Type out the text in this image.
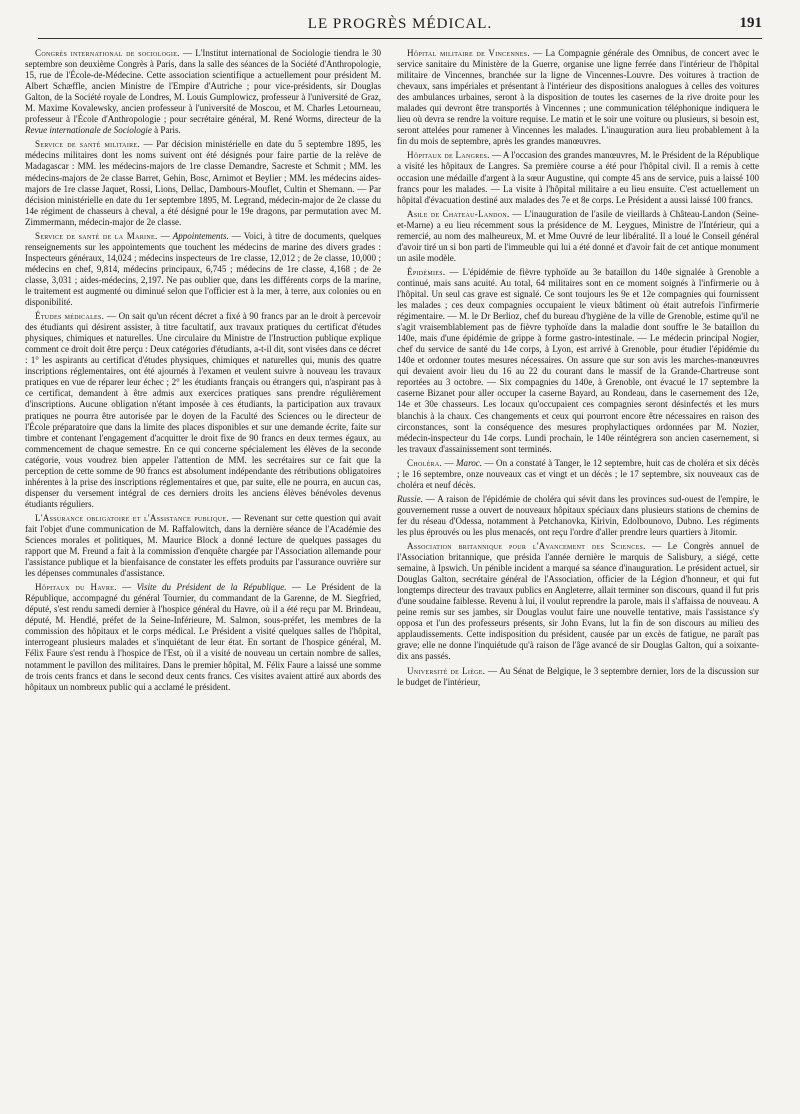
LE PROGRÈS MÉDICAL.	191

Congrès international de sociologie. — L'Institut international de Sociologie tiendra le 30 septembre son deuxième Congrès à Paris, dans la salle des séances de la Société d'Anthropologie, 15, rue de l'École-de-Médecine. Cette association scientifique a actuellement pour président M. Albert Schæffle, ancien Ministre de l'Empire d'Autriche ; pour vice-présidents, sir Douglas Galton, de la Société royale de Londres, M. Louis Gumplowicz, professeur à l'université de Graz, M. Maxime Kovalewsky, ancien professeur à l'université de Moscou, et M. Charles Letourneau, professeur à l'École d'Anthropologie ; pour secrétaire général, M. René Worms, directeur de la Revue internationale de Sociologie à Paris.

Service de santé militaire. — Par décision ministérielle en date du 5 septembre 1895, les médecins militaires dont les noms suivent ont été désignés pour faire partie de la relève de Madagascar : MM. les médecins-majors de 1re classe Demandre, Sacreste et Schmit ; MM. les médecins-majors de 2e classe Barret, Gehin, Bosc, Arnimot et Beylier ; MM. les médecins aides-majors de 1re classe Jaquet, Rossi, Lions, Dellac, Dambours-Mouflet, Cultin et Shemann. — Par décision ministérielle en date du 1er septembre 1895, M. Legrand, médecin-major de 2e classe du 14e régiment de chasseurs à cheval, a été désigné pour le 19e dragons, par permutation avec M. Zimmermann, médecin-major de 2e classe.

Service de santé de la Marine. — Appointements. — Voici, à titre de documents, quelques renseignements sur les appointements que touchent les médecins de marine des divers grades : Inspecteurs généraux, 14,024 ; médecins inspecteurs de 1re classe, 12,012 ; de 2e classe, 10,000 ; médecins en chef, 9,814, médecins principaux, 6,745 ; médecins de 1re classe, 4,168 ; de 2e classe, 3,031 ; aides-médecins, 2,197. Ne pas oublier que, dans les différents corps de la marine, le traitement est augmenté ou diminué selon que l'officier est à la mer, à terre, aux colonies ou en disponibilité.

Études médicales. — On sait qu'un récent décret a fixé à 90 francs par an le droit à percevoir des étudiants qui désirent assister, à titre facultatif, aux travaux pratiques du certificat d'études physiques, chimiques et naturelles. Une circulaire du Ministre de l'Instruction publique explique comment ce droit doit être perçu : Deux catégories d'étudiants, a-t-il dit, sont visées dans ce décret : 1° les aspirants au certificat d'études physiques, chimiques et naturelles qui, munis des quatre inscriptions réglementaires, ont été ajournés à l'examen et veulent suivre à nouveau les travaux pratiques en vue de réparer leur échec ; 2° les étudiants français ou étrangers qui, n'aspirant pas à ce certificat, demandent à être admis aux exercices pratiques sans prendre régulièrement d'inscriptions. Aucune obligation n'étant imposée à ces étudiants, la participation aux travaux pratiques ne pourra être autorisée par le doyen de la Faculté des Sciences ou le directeur de l'École préparatoire que dans la limite des places disponibles et sur une demande écrite, faite sur timbre et contenant l'engagement d'acquitter le droit fixe de 90 francs en deux termes égaux, au commencement de chaque semestre. En ce qui concerne spécialement les élèves de la seconde catégorie, vous voudrez bien appeler l'attention de MM. les secrétaires sur ce fait que la perception de cette somme de 90 francs est absolument indépendante des rétributions obligatoires inhérentes à la prise des inscriptions réglementaires et que, par suite, elle ne pourra, en aucun cas, dispenser du versement intégral de ces derniers droits les anciens élèves bénévoles devenus étudiants réguliers.

L'Assurance obligatoire et l'Assistance publique. — Revenant sur cette question qui avait fait l'objet d'une communication de M. Raffalowitch, dans la dernière séance de l'Académie des Sciences morales et politiques, M. Maurice Block a donné lecture de quelques passages du rapport que M. Freund a fait à la commission d'enquête chargée par l'Association allemande pour l'assistance publique et la bienfaisance de constater les effets produits par l'assurance ouvrière sur les dépenses communales d'assistance.

Hôpitaux du Havre. — Visite du Président de la République. — Le Président de la République, accompagné du général Tournier, du commandant de la Garenne, de M. Siegfried, député, s'est rendu samedi dernier à l'hospice général du Havre, où il a été reçu par M. Brindeau, député, M. Hendlé, préfet de la Seine-Inférieure, M. Salmon, sous-préfet, les membres de la commission des hôpitaux et le corps médical. Le Président a visité quelques salles de l'hôpital, interrogeant plusieurs malades et s'inquiétant de leur état. En sortant de l'hospice général, M. Félix Faure s'est rendu à l'hospice de l'Est, où il a visité de nouveau un certain nombre de salles, notamment le pavillon des militaires. Dans le premier hôpital, M. Félix Faure a laissé une somme de trois cents francs et dans le second deux cents francs. Ces visites avaient attiré aux abords des hôpitaux un nombreux public qui a acclamé le président.

Hôpital militaire de Vincennes. — La Compagnie générale des Omnibus, de concert avec le service sanitaire du Ministère de la Guerre, organise une ligne ferrée dans l'intérieur de l'hôpital militaire de Vincennes, branchée sur la ligne de Vincennes-Louvre. Des voitures à traction de chevaux, sans impériales et présentant à l'intérieur des dispositions analogues à celles des voitures des ambulances urbaines, seront à la disposition de toutes les casernes de la rive droite pour les malades qui devront être transportés à Vincennes ; une communication téléphonique indiquera le lieu où devra se rendre la voiture requise. Le matin et le soir une voiture ou plusieurs, si besoin est, seront attelées pour ramener à Vincennes les malades. L'inauguration aura lieu probablement à la fin du mois de septembre, après les grandes manœuvres.

Hôpitaux de Langres. — A l'occasion des grandes manœuvres, M. le Président de la République a visité les hôpitaux de Langres. Sa première course a été pour l'hôpital civil. Il a remis à cette occasion une médaille d'argent à la sœur Augustine, qui compte 45 ans de service, puis a laissé 100 francs pour les malades. — La visite à l'hôpital militaire a eu lieu ensuite. C'est actuellement un hôpital d'évacuation destiné aux malades des 7e et 8e corps. Le Président a aussi laissé 100 francs.

Asile de Chateau-Landon. — L'inauguration de l'asile de vieillards à Château-Landon (Seine-et-Marne) a eu lieu récemment sous la présidence de M. Leygues, Ministre de l'Intérieur, qui a remercié, au nom des malheureux, M. et Mme Ouvré de leur libéralité. Il a loué le Conseil général d'avoir tiré un si bon parti de l'immeuble qui lui a été donné et d'avoir fait de cet antique monument un asile modèle.

Épidémies. — L'épidémie de fièvre typhoïde au 3e bataillon du 140e signalée à Grenoble a continué, mais sans acuité. Au total, 64 militaires sont en ce moment soignés à l'infirmerie ou à l'hôpital. Un seul cas grave est signalé. Ce sont toujours les 9e et 12e compagnies qui fournissent les malades ; ces deux compagnies occupaient le vieux bâtiment où était autrefois l'infirmerie régimentaire. — M. le Dr Berlioz, chef du bureau d'hygiène de la ville de Grenoble, estime qu'il ne s'agit vraisemblablement pas de fièvre typhoïde dans la maladie dont souffre le 3e bataillon du 140e, mais d'une épidémie de grippe à forme gastro-intestinale. — Le médecin principal Nogier, chef du service de santé du 14e corps, à Lyon, est arrivé à Grenoble, pour étudier l'épidémie du 140e et ordonner toutes mesures nécessaires. On assure que sur son avis les marches-manœuvres qui devaient avoir lieu du 16 au 22 du courant dans le massif de la Grande-Chartreuse sont reportées au 3 octobre. — Six compagnies du 140e, à Grenoble, ont évacué le 17 septembre la caserne Bizanet pour aller occuper la caserne Bayard, au Rondeau, dans le casernement des 12e, 14e et 30e chasseurs. Les locaux qu'occupaient ces compagnies seront désinfectés et les murs blanchis à la chaux. Ces changements et ceux qui pourront encore être nécessaires en raison des circonstances, sont la conséquence des mesures prophylactiques ordonnées par M. Nozier, médecin-inspecteur du 14e corps. Lundi prochain, le 140e réintégrera son ancien casernement, si les travaux d'assainissement sont terminés.

Choléra. — Maroc. — On a constaté à Tanger, le 12 septembre, huit cas de choléra et six décès ; le 16 septembre, onze nouveaux cas et vingt et un décès ; le 17 septembre, six nouveaux cas de choléra et neuf décès.

Russie. — A raison de l'épidémie de choléra qui sévit dans les provinces sud-ouest de l'empire, le gouvernement russe a ouvert de nouveaux hôpitaux spéciaux dans plusieurs stations de chemins de fer du réseau d'Odessa, notamment à Petchanovka, Kirivin, Edolbounovo, Dubno. Les régiments les plus éprouvés ou les plus menacés, ont reçu l'ordre d'aller prendre leurs quartiers à Jitomir.

Association britannique pour l'Avancement des Sciences. — Le Congrès annuel de l'Association britannique, que présida l'année dernière le marquis de Salisbury, a siégé, cette semaine, à Ipswich. Un pénible incident a marqué sa séance d'inauguration. Le président actuel, sir Douglas Galton, secrétaire général de l'Association, officier de la Légion d'honneur, et qui fut longtemps directeur des travaux publics en Angleterre, allait terminer son discours, quand il fut pris d'une soudaine faiblesse. Revenu à lui, il voulut reprendre la parole, mais il s'affaissa de nouveau. A peine remis sur ses jambes, sir Douglas voulut faire une nouvelle tentative, mais l'assistance s'y opposa et l'un des professeurs présents, sir John Evans, lut la fin de son discours au milieu des applaudissements. Cette indisposition du président, causée par un excès de fatigue, ne paraît pas grave; elle ne donne l'inquiétude qu'à raison de l'âge avancé de sir Douglas Galton, qui a soixante-dix ans passés.

Université de Liège. — Au Sénat de Belgique, le 3 septembre dernier, lors de la discussion sur le budget de l'intérieur,
